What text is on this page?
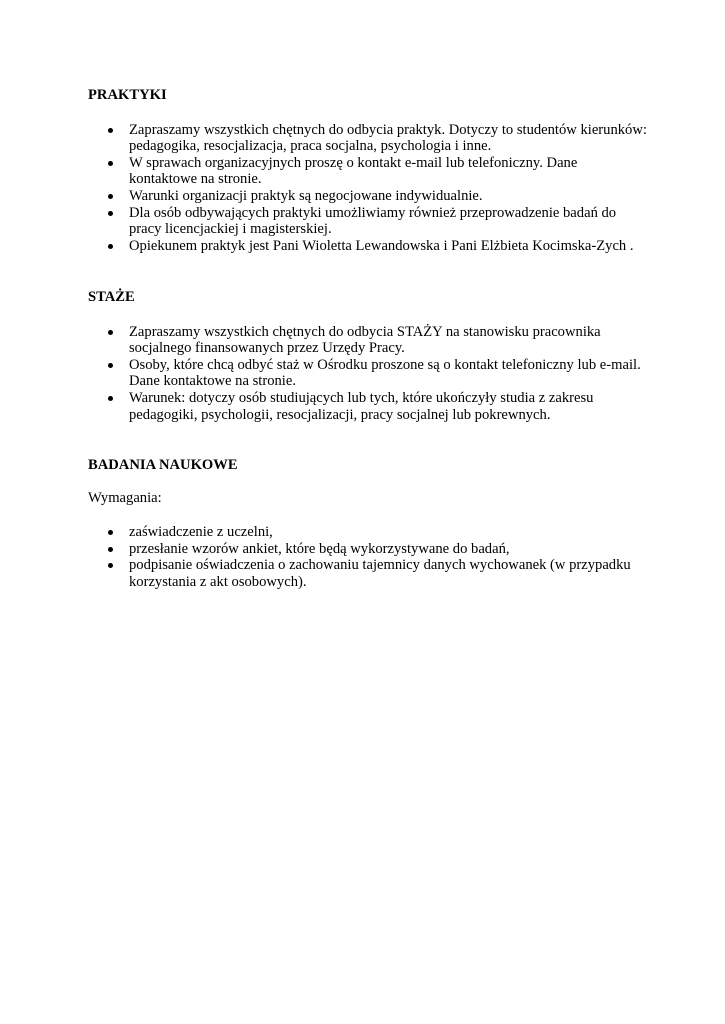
PRAKTYKI

Zapraszamy wszystkich chętnych do odbycia praktyk. Dotyczy to studentów kierunków: pedagogika, resocjalizacja, praca socjalna, psychologia i inne.
W sprawach organizacyjnych proszę o kontakt e-mail lub telefoniczny. Dane kontaktowe na stronie.
Warunki organizacji praktyk są negocjowane indywidualnie.
Dla osób odbywających praktyki umożliwiamy również przeprowadzenie badań do pracy licencjackiej i magisterskiej.
Opiekunem praktyk jest Pani Wioletta Lewandowska i Pani Elżbieta Kocimska-Zych .

STAŻE

Zapraszamy wszystkich chętnych do odbycia STAŻY na stanowisku pracownika socjalnego finansowanych przez Urzędy Pracy.
Osoby, które chcą odbyć staż w Ośrodku proszone są o kontakt telefoniczny lub e-mail. Dane kontaktowe na stronie.
Warunek: dotyczy osób studiujących lub tych, które ukończyły studia z zakresu pedagogiki, psychologii, resocjalizacji, pracy socjalnej lub pokrewnych.

BADANIA NAUKOWE

Wymagania:

zaświadczenie z uczelni,
przesłanie wzorów ankiet, które będą wykorzystywane do badań,
podpisanie oświadczenia o zachowaniu tajemnicy danych wychowanek (w przypadku korzystania z akt osobowych).
